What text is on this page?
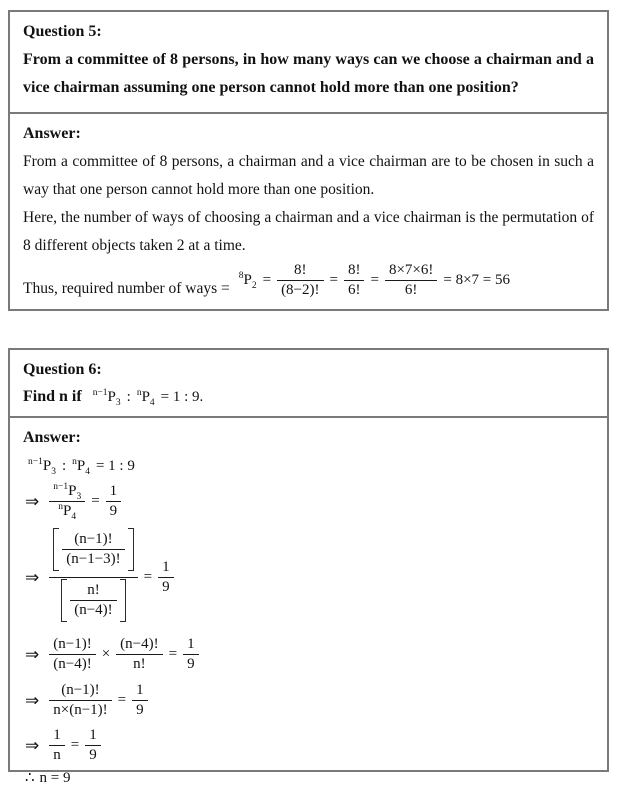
Question 5:

From a committee of 8 persons, in how many ways can we choose a chairman and a vice chairman assuming one person cannot hold more than one position?

Answer:

From a committee of 8 persons, a chairman and a vice chairman are to be chosen in such a way that one person cannot hold more than one position.

Here, the number of ways of choosing a chairman and a vice chairman is the permutation of 8 different objects taken 2 at a time.

Thus, required number of ways =
$^8P_2 = \frac{8!}{(8-2)!} = \frac{8!}{6!} = \frac{8\times 7\times 6!}{6!} = 8\times 7 = 56$
Question 6:
Find n if $^{n-1}P_3$ : $^nP_4 = 1$ : 9.
Answer:
$^{n-1}P_3$ : $^nP_4 = 1$ : 9
⇒ $\frac{^{n-1}P_3}{^nP_4} = \frac{1}{9}$
⇒ $\frac{\frac{(n-1)!}{(n-1-3)!}}{\frac{n!}{(n-4)!}} = \frac{1}{9}$
⇒ $\frac{(n-1)!}{(n-4)!} \times \frac{(n-4)!}{n!} = \frac{1}{9}$
⇒ $\frac{(n-1)!}{n\times(n-1)!} = \frac{1}{9}$
⇒ $\frac{1}{n} = \frac{1}{9}$
∴ n = 9
